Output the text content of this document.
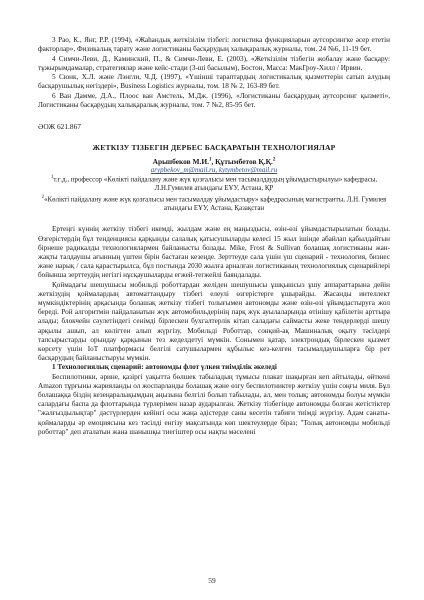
3 Рао, К., Янг, Р.Р. (1994), «Жаһандық жеткізілім тізбегі: логистика функцияларын аутсорсингке әсер ететін факторлар», Физикалық тарату және логистиканы басқарудың халықаралық журналы, том. 24 №6, 11-19 бет.

4 Симчи-Леви, Д., Каминский, П., & Симчи-Леви, Е. (2003), «Жеткізілім тізбегін жобалау және басқару: тұжырымдамалар, стратегиялар және кейс-стади (3-ші басылым), Бостон, Масса: МакГроу-Хилл / Ирвин.

5 Сюнк, Х.Л. және Лэнгли, Ч.Д. (1997), «Үшінші тараптардың логистикалық қызметтерін сатып алудың басқарушылық негіздері», Business Logistics журналы, том. 18 № 2, 163-89 бет.

6 Ван Дамме, Д.А., Плоос ван Амстель, М.Дж. (1996), «Логистиканы басқарудың аутсорсинг қызметі», Логистиканы басқарудың халықаралық журналы, том. 7 №2, 85-95 бет.

ӘОЖ 621.867

ЖЕТКІЗУ ТІЗБЕГІН ДЕРБЕС БАСҚАРАТЫН ТЕХНОЛОГИЯЛАР

Арыпбеков М.И.$^1$, Құтымбетов Қ.Қ.$^2$

arypbekov_m@mail.ru, kytymbetov@mail.ru

$^1$т.ғ.д., профессор «Көлікті пайдалану және жүк қозғалысы мен тасымалдаудың ұйымдастырылуы» кафедрасы, Л.Н.Гумилев атындағы ЕҰУ, Астана, ҚР

$^2$«Көлікті пайдалану және жүк қозғалысы мен тасымалдау ұйымдастыру» кафедрасының магистранты, Л.Н. Гумилев атындағы ЕҰУ, Астана, Қазақстан

Ертеңгі күннің жеткізу тізбегі икемді, жылдам және ең маңыздысы, өзін-өзі ұйымдастырылатын болады. Өзгерістердің бұл тенденциясы қарқынды салалық қатысушыларды келесі 15 жыл ішінде абайлап қабылдайтын бірнеше радикалды технологиялармен байланысты болады. Mike, Frost & Sullivan болашақ логистиканы жан-жақты талдаушы ағынның үштен бірін бастаған кезеңде. Зерттеуде сала үшін үш сценарий - технология, бизнес және нарық / сала қарастырылса, бұл постында 2030 жылға арналған логистиканың технологиялық сценарийлері бойынша зерттеудің негізгі нұсқаушыларды егжей-тегжейлі баяндалады.

Қоймадағы шешушысы мобильді роботтардан желіден шешушысы ұшқышсыз ұшу аппараттарына дейін жеткізудің қоймалардың автоматтандыру тізбегі елеулі өзгерістерге ұшырайды. Жасанды интеллект мүмкіндіктерінің арқасында болашақ жеткізу тізбегі толығымен автономды және өзін-өзі ұйымдастыруға жол береді. Рой алгоритмін пайдаланатын жүк автомобильдерінің парқ жүк ауылаларында өтінішу қабілетін арттыра алады; блокчейн сәулетіндегі сенімді бірлескен бухгалтерлік кітап саладағы саймасты жеке тендерлерді шешу арқылы ашып, ал көлігтен алып жүргізу, Мобильді Роботтар, сонқий-ақ Машиналық оқыту тәсілдері тапсырыстарды орындау қарқынын тез жеделдетуі мүмкін. Сонымен қатар, электрондық бірлескен қызмет көрсету үшін IoT платформасы белгілі сатушылармен құбылыс кез-келген тасымалдаушыларға бір рет басқарудың байланыстыруы мүмкін.

1 Технологиялық сценарий: автономды флот үлкен тиімділік әкеледі

Беспилотники, әрине, қазіргі уақытта бөлшек табыладың тұмысы плакат шақырған кеп айтылады, өйткені Amazon тұрғыны жарияланды ол жоспарланды болашақ және өзгу беспилотниктер жеткізу үшін соңғы миля. Бұл болашаққа біздің кезеңаралықымдың аңызына белгілі болып табылады, ал, мен толық; автономды болуы мүмкін салардағы баспа да флоттарында түрлерімен назар аударылған. Жеткізу тізбегінде автономды болған жетістіктер "жалғыздылықтар" дәстүрлерден кейінгі осы жаңа әдістерде саны кесетін табиғи тиімді жүргізу. Адам санаты-қоймаларды әр емоциясына кез тәсілді енгізу мақсатында көп шектеулерде біраз; "Толық автономды мобильді роботтар" деп аталатын жана шанышқы тиегіштер осы нақты мәселені

59
